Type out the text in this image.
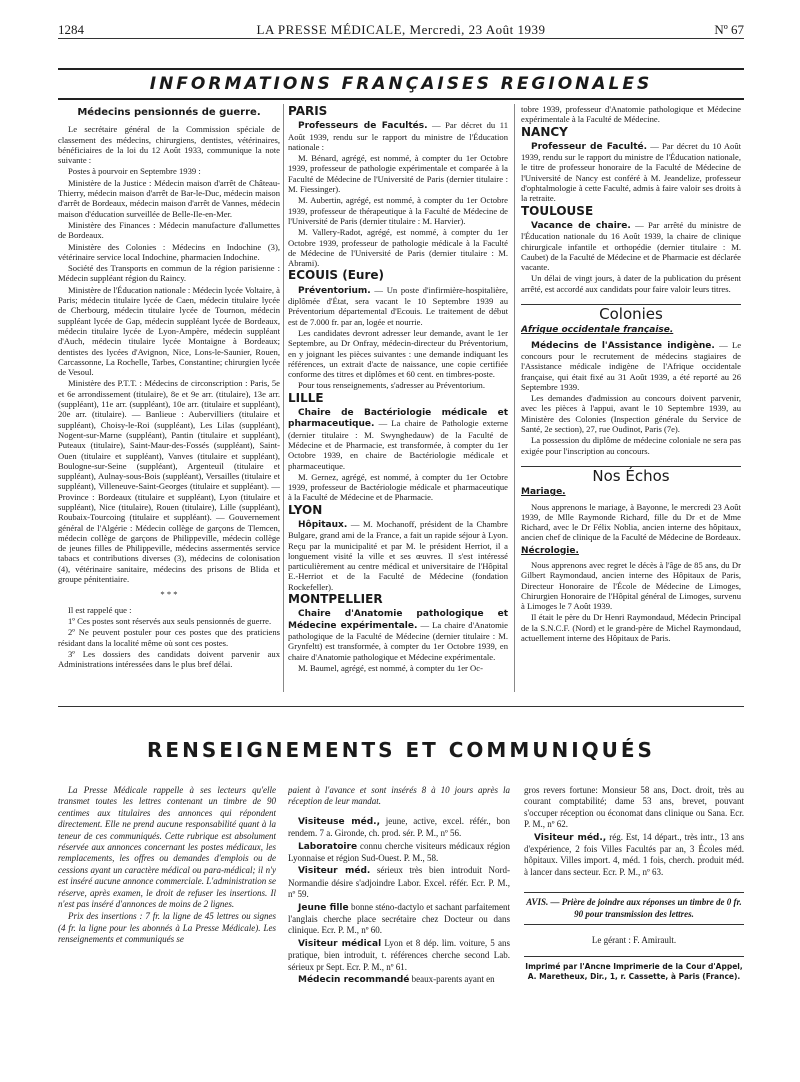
1284	LA PRESSE MÉDICALE, Mercredi, 23 Août 1939	Nº 67
INFORMATIONS FRANÇAISES REGIONALES
Médecins pensionnés de guerre.

Le secrétaire général de la Commission spéciale de classement des médecins, chirurgiens, dentistes, vétérinaires, bénéficiaires de la loi du 12 Août 1933, communique la note suivante :

Postes à pourvoir en Septembre 1939 :

Ministère de la Justice : Médecin maison d'arrêt de Château-Thierry, médecin maison d'arrêt de Bar-le-Duc, médecin maison d'arrêt de Bordeaux, médecin maison d'arrêt de Vannes, médecin maison d'éducation surveillée de Belle-Ile-en-Mer.

Ministère des Finances : Médecin manufacture d'allumettes de Bordeaux.

Ministère des Colonies : Médecins en Indochine (3), vétérinaire service local Indochine, pharmacien Indochine.

Société des Transports en commun de la région parisienne : Médecin suppléant région du Raincy.

Ministère de l'Éducation nationale : Médecin lycée Voltaire, à Paris; médecin titulaire lycée de Caen, médecin titulaire lycée de Cherbourg, médecin titulaire lycée de Tournon, médecin suppléant lycée de Gap, médecin suppléant lycée de Bordeaux, médecin titulaire lycée de Lyon-Ampère, médecin suppléant d'Auch, médecin titulaire lycée Montaigne à Bordeaux; dentistes des lycées d'Avignon, Nice, Lons-le-Saunier, Rouen, Carcassonne, La Rochelle, Tarbes, Constantine; chirurgien lycée de Vesoul.

Ministère des P.T.T. : Médecins de circonscription : Paris, 5e et 6e arrondissement (titulaire), 8e et 9e arr. (titulaire), 13e arr. (suppléant), 11e arr. (suppléant), 10e arr. (titulaire et suppléant), 20e arr. (titulaire). — Banlieue : Aubervilliers (titulaire et suppléant), Choisy-le-Roi (suppléant), Les Lilas (suppléant), Nogent-sur-Marne (suppléant), Pantin (titulaire et suppléant), Puteaux (titulaire), Saint-Maur-des-Fossés (suppléant), Saint-Ouen (titulaire et suppléant), Vanves (titulaire et suppléant), Boulogne-sur-Seine (suppléant), Argenteuil (titulaire et suppléant), Aulnay-sous-Bois (suppléant), Versailles (titulaire et suppléant), Villeneuve-Saint-Georges (titulaire et suppléant). — Province : Bordeaux (titulaire et suppléant), Lyon (titulaire et suppléant), Nice (titulaire), Rouen (titulaire), Lille (suppléant), Roubaix-Tourcoing (titulaire et suppléant). — Gouvernement général de l'Algérie : Médecin collège de garçons de Tlemcen, médecin collège de garçons de Philippeville, médecin collège de jeunes filles de Philippeville, médecins assermentés service tabacs et contributions diverses (3), médecins de colonisation (4), vétérinaire sanitaire, médecins des prisons de Blida et groupe pénitentiaire.

* * *

Il est rappelé que :

1º Ces postes sont réservés aux seuls pensionnés de guerre.

2º Ne peuvent postuler pour ces postes que des praticiens résidant dans la localité même où sont ces postes.

3º Les dossiers des candidats doivent parvenir aux Administrations intéressées dans le plus bref délai.

PARIS

Professeurs de Facultés. — Par décret du 11 Août 1939, rendu sur le rapport du ministre de l'Éducation nationale :

M. Bénard, agrégé, est nommé, à compter du 1er Octobre 1939, professeur de pathologie expérimentale et comparée à la Faculté de Médecine de l'Université de Paris (dernier titulaire : M. Fiessinger).

M. Aubertin, agrégé, est nommé, à compter du 1er Octobre 1939, professeur de thérapeutique à la Faculté de Médecine de l'Université de Paris (dernier titulaire : M. Harvier).

M. Vallery-Radot, agrégé, est nommé, à compter du 1er Octobre 1939, professeur de pathologie médicale à la Faculté de Médecine de l'Université de Paris (dernier titulaire : M. Abrami).

ECOUIS (Eure)

Préventorium. — Un poste d'infirmière-hospitalière, diplômée d'État, sera vacant le 10 Septembre 1939 au Préventorium départemental d'Ecouis. Le traitement de début est de 7.000 fr. par an, logée et nourrie.

Les candidates devront adresser leur demande, avant le 1er Septembre, au Dr Onfray, médecin-directeur du Préventorium, en y joignant les pièces suivantes : une demande indiquant les références, un extrait d'acte de naissance, une copie certifiée conforme des titres et diplômes et 60 cent. en timbres-poste.

Pour tous renseignements, s'adresser au Préventorium.

LILLE

Chaire de Bactériologie médicale et pharmaceutique. — La chaire de Pathologie externe (dernier titulaire : M. Swynghedauw) de la Faculté de Médecine et de Pharmacie, est transformée, à compter du 1er Octobre 1939, en chaire de Bactériologie médicale et pharmaceutique.

M. Gernez, agrégé, est nommé, à compter du 1er Octobre 1939, professeur de Bactériologie médicale et pharmaceutique à la Faculté de Médecine et de Pharmacie.

LYON

Hôpitaux. — M. Mochanoff, président de la Chambre Bulgare, grand ami de la France, a fait un rapide séjour à Lyon. Reçu par la municipalité et par M. le président Herriot, il a longuement visité la ville et ses œuvres. Il s'est intéressé particulièrement au centre médical et universitaire de l'Hôpital E.-Herriot et de la Faculté de Médecine (fondation Rockefeller).

MONTPELLIER

Chaire d'Anatomie pathologique et Médecine expérimentale. — La chaire d'Anatomie pathologique de la Faculté de Médecine (dernier titulaire : M. Grynfeltt) est transformée, à compter du 1er Octobre 1939, en chaire d'Anatomie pathologique et Médecine expérimentale.

M. Baumel, agrégé, est nommé, à compter du 1er Oc-

tobre 1939, professeur d'Anatomie pathologique et Médecine expérimentale à la Faculté de Médecine.

NANCY

Professeur de Faculté. — Par décret du 10 Août 1939, rendu sur le rapport du ministre de l'Éducation nationale, le titre de professeur honoraire de la Faculté de Médecine de l'Université de Nancy est conféré à M. Jeandelize, professeur d'ophtalmologie à cette Faculté, admis à faire valoir ses droits à la retraite.

TOULOUSE

Vacance de chaire. — Par arrêté du ministre de l'Éducation nationale du 16 Août 1939, la chaire de clinique chirurgicale infantile et orthopédie (dernier titulaire : M. Caubet) de la Faculté de Médecine et de Pharmacie est déclarée vacante.

Un délai de vingt jours, à dater de la publication du présent arrêté, est accordé aux candidats pour faire valoir leurs titres.

Colonies
Afrique occidentale française.

Médecins de l'Assistance indigène. — Le concours pour le recrutement de médecins stagiaires de l'Assistance médicale indigène de l'Afrique occidentale française, qui était fixé au 31 Août 1939, a été reporté au 26 Septembre 1939.

Les demandes d'admission au concours doivent parvenir, avec les pièces à l'appui, avant le 10 Septembre 1939, au Ministère des Colonies (Inspection générale du Service de Santé, 2e section), 27, rue Oudinot, Paris (7e).

La possession du diplôme de médecine coloniale ne sera pas exigée pour l'inscription au concours.

Nos Échos
Mariage.

Nous apprenons le mariage, à Bayonne, le mercredi 23 Août 1939, de Mlle Raymonde Richard, fille du Dr et de Mme Richard, avec le Dr Félix Noblia, ancien interne des hôpitaux, ancien chef de clinique de la Faculté de Médecine de Bordeaux.

Nécrologie.

Nous apprenons avec regret le décès à l'âge de 85 ans, du Dr Gilbert Raymondaud, ancien interne des Hôpitaux de Paris, Directeur Honoraire de l'École de Médecine de Limoges, Chirurgien Honoraire de l'Hôpital général de Limoges, survenu à Limoges le 7 Août 1939.

Il était le père du Dr Henri Raymondaud, Médecin Principal de la S.N.C.F. (Nord) et le grand-père de Michel Raymondaud, actuellement interne des Hôpitaux de Paris.

RENSEIGNEMENTS ET COMMUNIQUÉS

La Presse Médicale rappelle à ses lecteurs qu'elle transmet toutes les lettres contenant un timbre de 90 centimes aux titulaires des annonces qui répondent directement. Elle ne prend aucune responsabilité quant à la teneur de ces communiqués. Cette rubrique est absolument réservée aux annonces concernant les postes médicaux, les remplacements, les offres ou demandes d'emplois ou de cessions ayant un caractère médical ou para-médical; il n'y est inséré aucune annonce commerciale. L'administration se réserve, après examen, le droit de refuser les insertions. Il n'est pas inséré d'annonces de moins de 2 lignes.

Prix des insertions : 7 fr. la ligne de 45 lettres ou signes (4 fr. la ligne pour les abonnés à La Presse Médicale). Les renseignements et communiqués se

paient à l'avance et sont insérés 8 à 10 jours après la réception de leur mandat.

Visiteuse méd., jeune, active, excel. référ., bon rendem. 7 a. Gironde, ch. prod. sér. P. M., nº 56.

Laboratoire connu cherche visiteurs médicaux région Lyonnaise et région Sud-Ouest. P. M., 58.

Visiteur méd. sérieux très bien introduit Nord-Normandie désire s'adjoindre Labor. Excel. référ. Ecr. P. M., nº 59.

Jeune fille bonne sténo-dactylo et sachant parfaitement l'anglais cherche place secrétaire chez Docteur ou dans clinique. Ecr. P. M., nº 60.

Visiteur médical Lyon et 8 dép. lim. voiture, 5 ans pratique, bien introduit, t. références cherche second Lab. sérieux pr Sept. Ecr. P. M., nº 61.

Médecin recommandé beaux-parents ayant en

gros revers fortune: Monsieur 58 ans, Doct. droit, très au courant comptabilité; dame 53 ans, brevet, pouvant s'occuper réception ou économat dans clinique ou Sana. Ecr. P. M., nº 62.

Visiteur méd., rég. Est, 14 départ., très intr., 13 ans d'expérience, 2 fois Villes Facultés par an, 3 Écoles méd. hôpitaux. Villes import. 4, méd. 1 fois, cherch. produit méd. à lancer dans secteur. Ecr. P. M., nº 63.

AVIS. — Prière de joindre aux réponses un timbre de 0 fr. 90 pour transmission des lettres.
Le gérant : F. Amirault.
Imprimé par l'Ancne Imprimerie de la Cour d'Appel, A. Maretheux, Dir., 1, r. Cassette, à Paris (France).
